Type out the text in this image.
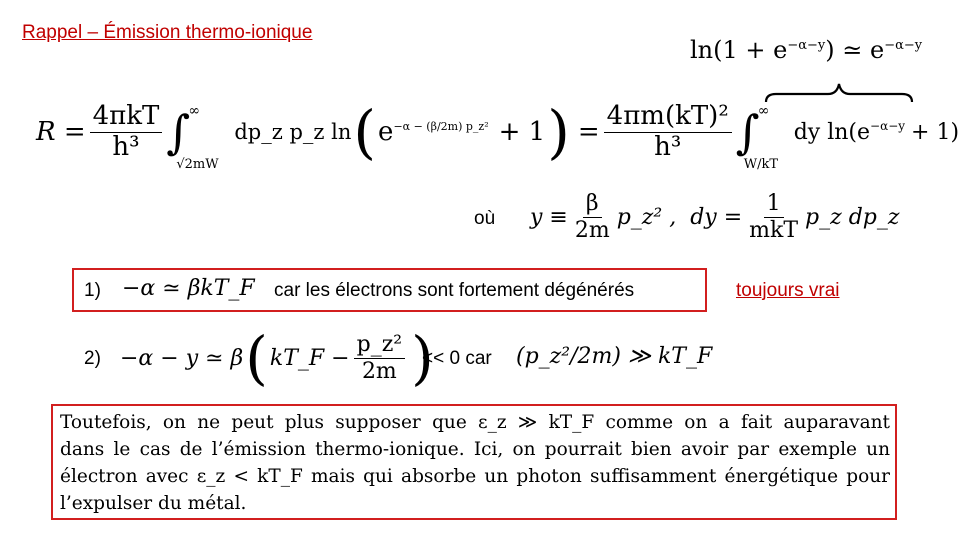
Rappel – Émission thermo-ionique
$\ln(1 + e^{-\alpha-y})$ ≃ $e^{-\alpha-y}$
$R = \frac{\text{4πkT}}{\text{h³}}$ ∫
∞
√2mW
dp_z p_z ln ( $e^{-\alpha - (\beta/2m) p\_z^2} + 1$ ) = $\frac{\text{4πm(kT)²}}{\text{h³}}$ ∫
∞
W/kT
dy $\ln(e^{-\alpha-y} + 1)$
où $y \equiv \frac{\beta}{2m}$ p_z² , dy = $\frac{1}{\text{mkT}}$ p_z dp_z
1) −α ≃ βkT_F car les électrons sont fortement dégénérés	toujours vrai
2) −α − y ≃ β ( kT_F − $\frac{\text{p\_z²}}{2m}$ )
<< 0 car (p_z²/2m) ≫ kT_F
Toutefois, on ne peut plus supposer que ε_z ≫ kT_F comme on a fait auparavant
dans le cas de l’émission thermo-ionique. Ici, on pourrait bien avoir par exemple un
électron avec ε_z < kT_F mais qui absorbe un photon suffisamment énergétique pour
l’expulser du métal.
